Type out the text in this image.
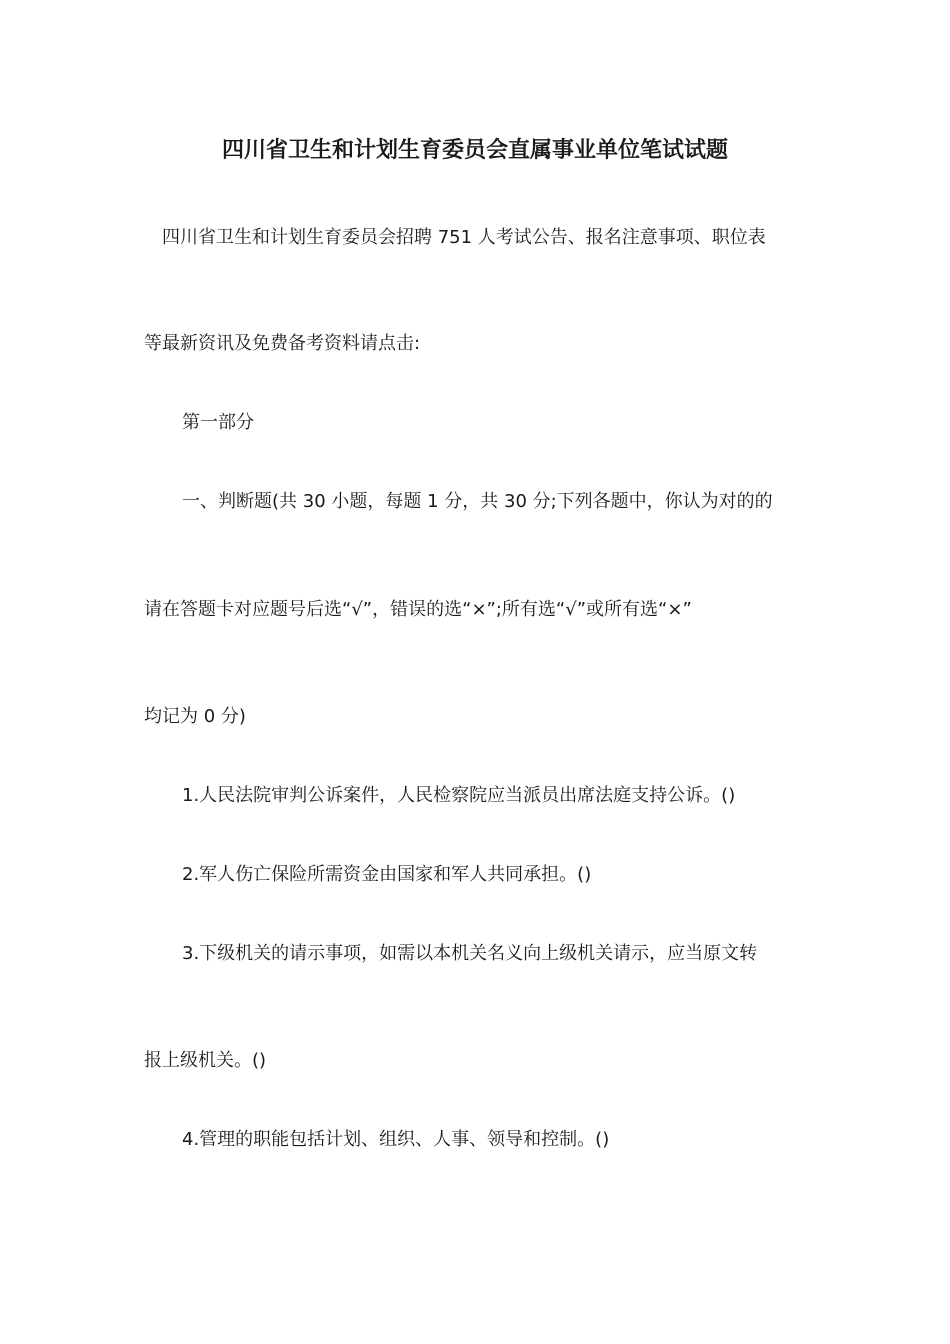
四川省卫生和计划生育委员会直属事业单位笔试试题

四川省卫生和计划生育委员会招聘 751 人考试公告、报名注意事项、职位表

等最新资讯及免费备考资料请点击:

第一部分

一、判断题(共 30 小题，每题 1 分，共 30 分;下列各题中，你认为对的的

请在答题卡对应题号后选“√”，错误的选“×”;所有选“√”或所有选“×”

均记为 0 分)

1.人民法院审判公诉案件，人民检察院应当派员出席法庭支持公诉。()

2.军人伤亡保险所需资金由国家和军人共同承担。()

3.下级机关的请示事项，如需以本机关名义向上级机关请示，应当原文转

报上级机关。()

4.管理的职能包括计划、组织、人事、领导和控制。()
